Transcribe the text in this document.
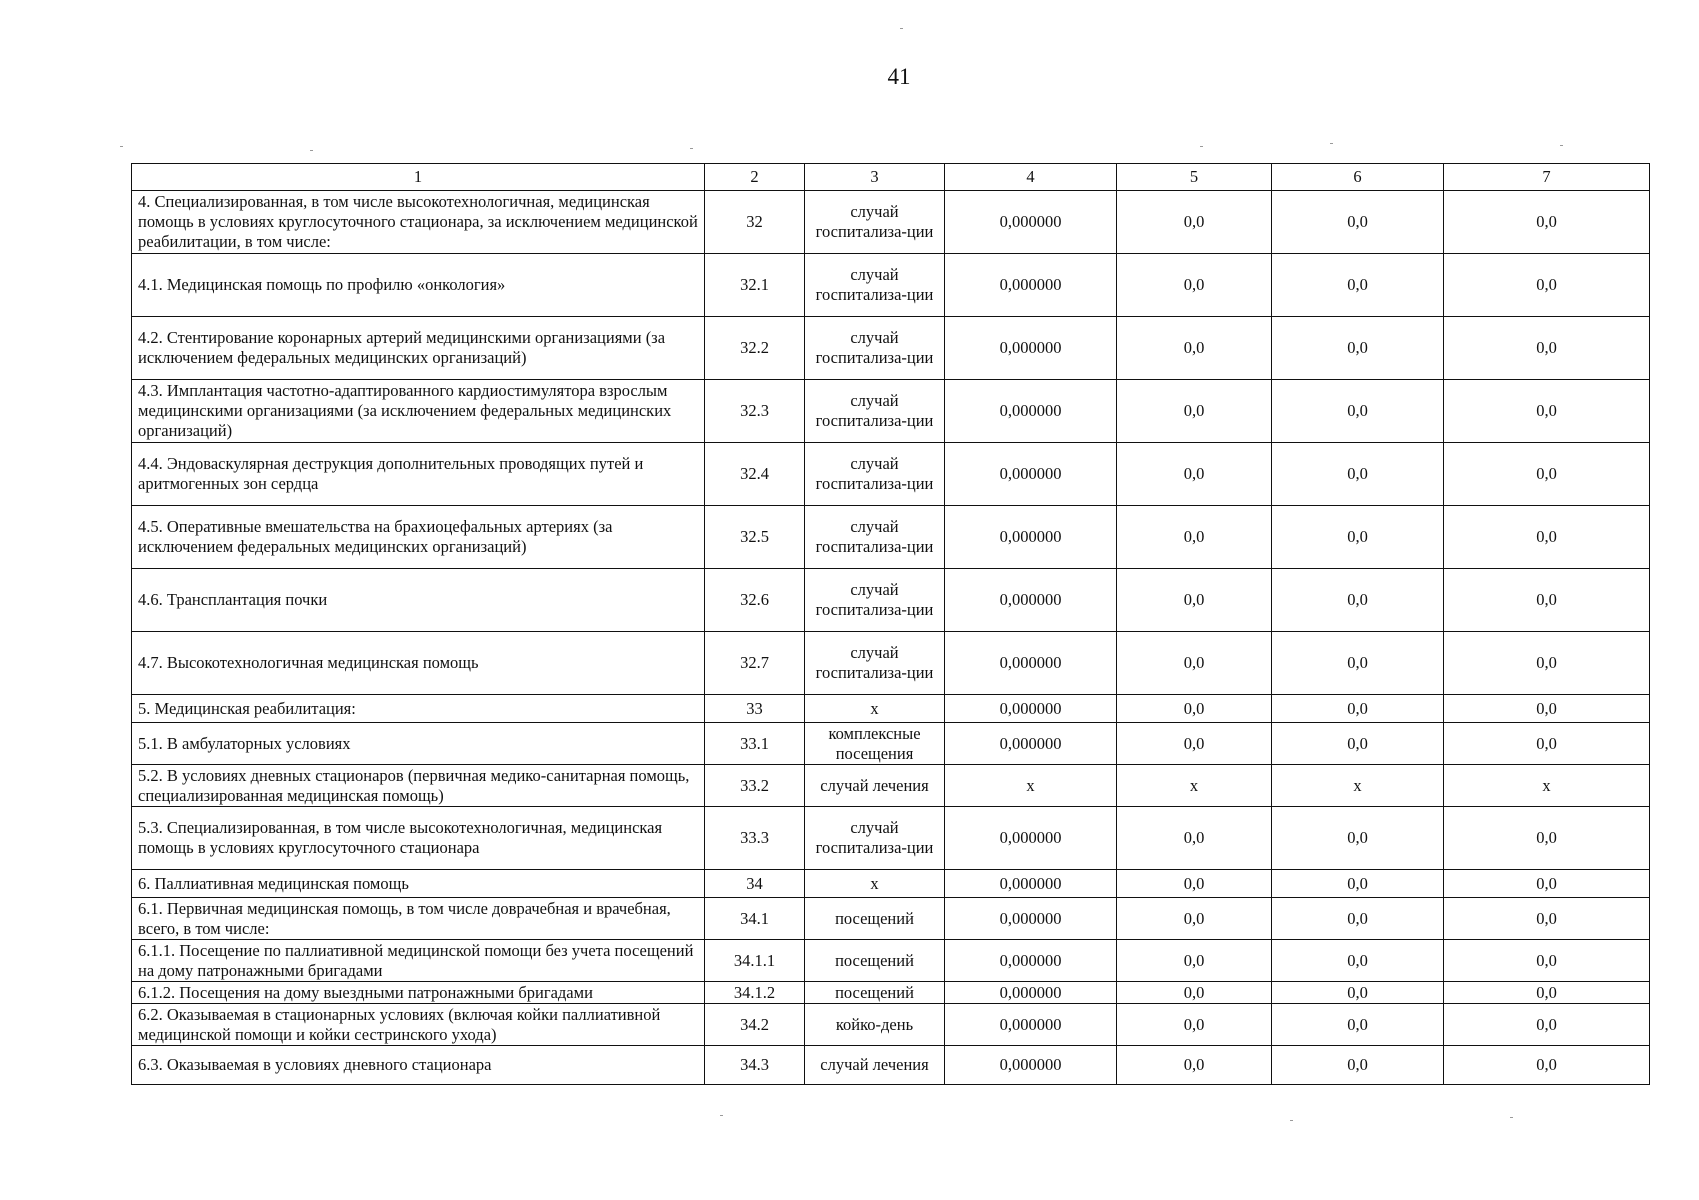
41
1	2	3	4	5	6	7
4. Специализированная, в том числе высокотехнологичная, медицинская помощь в условиях круглосуточного стационара, за исключением медицинской реабилитации, в том числе:	32	случай госпитализа-ции	0,000000	0,0	0,0	0,0
4.1. Медицинская помощь по профилю «онкология»	32.1	случай госпитализа-ции	0,000000	0,0	0,0	0,0
4.2. Стентирование коронарных артерий медицинскими организациями (за исключением федеральных медицинских организаций)	32.2	случай госпитализа-ции	0,000000	0,0	0,0	0,0
4.3. Имплантация частотно-адаптированного кардиостимулятора взрослым медицинскими организациями (за исключением федеральных медицинских организаций)	32.3	случай госпитализа-ции	0,000000	0,0	0,0	0,0
4.4. Эндоваскулярная деструкция дополнительных проводящих путей и аритмогенных зон сердца	32.4	случай госпитализа-ции	0,000000	0,0	0,0	0,0
4.5. Оперативные вмешательства на брахиоцефальных артериях (за исключением федеральных медицинских организаций)	32.5	случай госпитализа-ции	0,000000	0,0	0,0	0,0
4.6. Трансплантация почки	32.6	случай госпитализа-ции	0,000000	0,0	0,0	0,0
4.7. Высокотехнологичная медицинская помощь	32.7	случай госпитализа-ции	0,000000	0,0	0,0	0,0
5. Медицинская реабилитация:	33	х	0,000000	0,0	0,0	0,0
5.1. В амбулаторных условиях	33.1	комплексные посещения	0,000000	0,0	0,0	0,0
5.2. В условиях дневных стационаров (первичная медико-санитарная помощь, специализированная медицинская помощь)	33.2	случай лечения	х	х	х	х
5.3. Специализированная, в том числе высокотехнологичная, медицинская помощь в условиях круглосуточного стационара	33.3	случай госпитализа-ции	0,000000	0,0	0,0	0,0
6. Паллиативная медицинская помощь	34	х	0,000000	0,0	0,0	0,0
6.1. Первичная медицинская помощь, в том числе доврачебная и врачебная, всего, в том числе:	34.1	посещений	0,000000	0,0	0,0	0,0
6.1.1. Посещение по паллиативной медицинской помощи без учета посещений на дому патронажными бригадами	34.1.1	посещений	0,000000	0,0	0,0	0,0
6.1.2. Посещения на дому выездными патронажными бригадами	34.1.2	посещений	0,000000	0,0	0,0	0,0
6.2. Оказываемая в стационарных условиях (включая койки паллиативной медицинской помощи и койки сестринского ухода)	34.2	койко-день	0,000000	0,0	0,0	0,0
6.3. Оказываемая в условиях дневного стационара	34.3	случай лечения	0,000000	0,0	0,0	0,0
